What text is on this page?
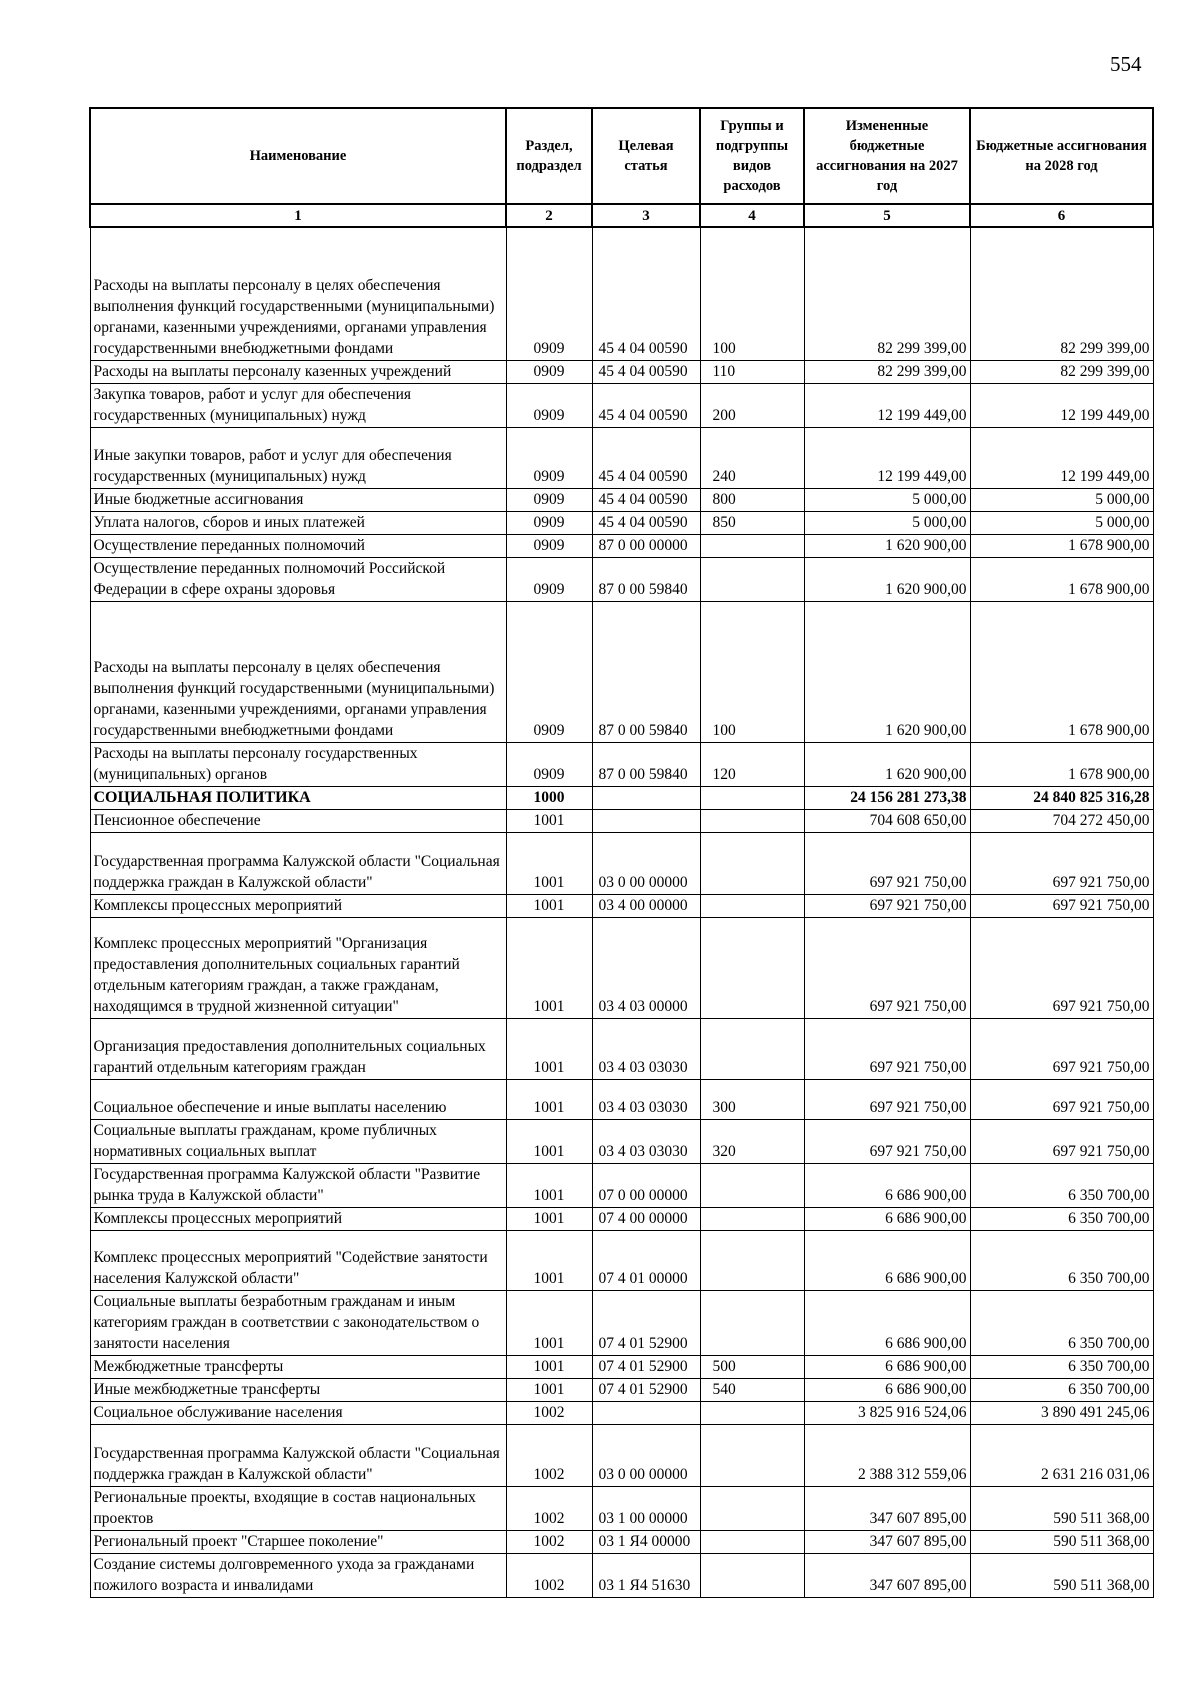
554
Наименование	Раздел, подраздел	Целевая статья	Группы и подгруппы видов расходов	Измененные бюджетные ассигнования на 2027 год	Бюджетные ассигнования на 2028 год
1	2	3	4	5	6
Расходы на выплаты персоналу в целях обеспечения выполнения функций государственными (муниципальными) органами, казенными учреждениями, органами управления государственными внебюджетными фондами	0909	45 4 04 00590	100	82 299 399,00	82 299 399,00
Расходы на выплаты персоналу казенных учреждений	0909	45 4 04 00590	110	82 299 399,00	82 299 399,00
Закупка товаров, работ и услуг для обеспечения государственных (муниципальных) нужд	0909	45 4 04 00590	200	12 199 449,00	12 199 449,00
Иные закупки товаров, работ и услуг для обеспечения государственных (муниципальных) нужд	0909	45 4 04 00590	240	12 199 449,00	12 199 449,00
Иные бюджетные ассигнования	0909	45 4 04 00590	800	5 000,00	5 000,00
Уплата налогов, сборов и иных платежей	0909	45 4 04 00590	850	5 000,00	5 000,00
Осуществление переданных полномочий	0909	87 0 00 00000		1 620 900,00	1 678 900,00
Осуществление переданных полномочий Российской Федерации в сфере охраны здоровья	0909	87 0 00 59840		1 620 900,00	1 678 900,00
Расходы на выплаты персоналу в целях обеспечения выполнения функций государственными (муниципальными) органами, казенными учреждениями, органами управления государственными внебюджетными фондами	0909	87 0 00 59840	100	1 620 900,00	1 678 900,00
Расходы на выплаты персоналу государственных (муниципальных) органов	0909	87 0 00 59840	120	1 620 900,00	1 678 900,00
СОЦИАЛЬНАЯ ПОЛИТИКА	1000			24 156 281 273,38	24 840 825 316,28
Пенсионное обеспечение	1001			704 608 650,00	704 272 450,00
Государственная программа Калужской области "Социальная поддержка граждан в Калужской области"	1001	03 0 00 00000		697 921 750,00	697 921 750,00
Комплексы процессных мероприятий	1001	03 4 00 00000		697 921 750,00	697 921 750,00
Комплекс процессных мероприятий "Организация предоставления дополнительных социальных гарантий отдельным категориям граждан, а также гражданам, находящимся в трудной жизненной ситуации"	1001	03 4 03 00000		697 921 750,00	697 921 750,00
Организация предоставления дополнительных социальных гарантий отдельным категориям граждан	1001	03 4 03 03030		697 921 750,00	697 921 750,00
Социальное обеспечение и иные выплаты населению	1001	03 4 03 03030	300	697 921 750,00	697 921 750,00
Социальные выплаты гражданам, кроме публичных нормативных социальных выплат	1001	03 4 03 03030	320	697 921 750,00	697 921 750,00
Государственная программа Калужской области "Развитие рынка труда в Калужской области"	1001	07 0 00 00000		6 686 900,00	6 350 700,00
Комплексы процессных мероприятий	1001	07 4 00 00000		6 686 900,00	6 350 700,00
Комплекс процессных мероприятий "Содействие занятости населения Калужской области"	1001	07 4 01 00000		6 686 900,00	6 350 700,00
Социальные выплаты безработным гражданам и иным категориям граждан в соответствии с законодательством о занятости населения	1001	07 4 01 52900		6 686 900,00	6 350 700,00
Межбюджетные трансферты	1001	07 4 01 52900	500	6 686 900,00	6 350 700,00
Иные межбюджетные трансферты	1001	07 4 01 52900	540	6 686 900,00	6 350 700,00
Социальное обслуживание населения	1002			3 825 916 524,06	3 890 491 245,06
Государственная программа Калужской области "Социальная поддержка граждан в Калужской области"	1002	03 0 00 00000		2 388 312 559,06	2 631 216 031,06
Региональные проекты, входящие в состав национальных проектов	1002	03 1 00 00000		347 607 895,00	590 511 368,00
Региональный проект "Старшее поколение"	1002	03 1 Я4 00000		347 607 895,00	590 511 368,00
Создание системы долговременного ухода за гражданами пожилого возраста и инвалидами	1002	03 1 Я4 51630		347 607 895,00	590 511 368,00
